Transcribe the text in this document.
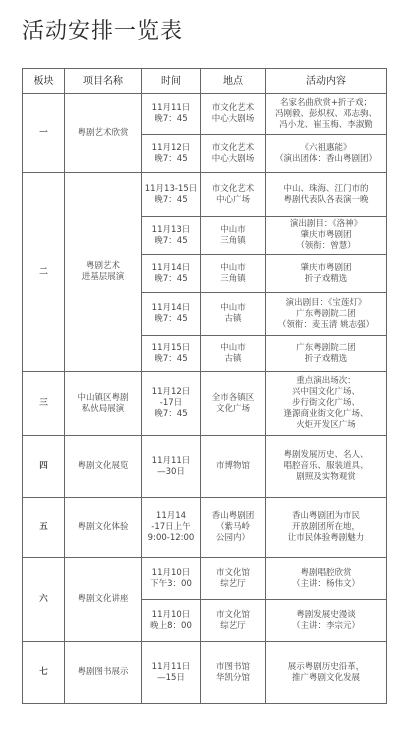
活动安排一览表
板块	项目名称	时间	地点	活动内容
一	粤剧艺术欣赏	11月11日
晚7：45	市文化艺术
中心大剧场	名家名曲欣赏+折子戏；
冯刚毅、彭炽权、邓志驹、
冯小龙、崔玉梅、李淑勤
		11月12日
晚7：45	市文化艺术
中心大剧场	《六祖惠能》
（演出团体：香山粤剧团）
二	粤剧艺术
进基层展演	11月13-15日
晚7：45	市文化艺术
中心广场	中山、珠海、江门市的
粤剧代表队各表演一晚
		11月13日
晚7：45	中山市
三角镇	演出剧目：《洛神》
肇庆市粤剧团
（领衔：曾慧）
		11月14日
晚7：45	中山市
三角镇	肇庆市粤剧团
折子戏精选
		11月14日
晚7：45	中山市
古镇	演出剧目：《宝莲灯》
广东粤剧院二团
（领衔：麦玉清 姚志强）
		11月15日
晚7：45	中山市
古镇	广东粤剧院二团
折子戏精选
三	中山镇区粤剧
私伙局展演	11月12日
-17日
晚7：45	全市各镇区
文化广场	重点演出场次：
兴中国文化广场、
步行街文化广场、
逢源商业街文化广场、
火炬开发区广场
四	粤剧文化展览	11月11日
—30日	市博物馆	粤剧发展历史、名人、
唱腔音乐、服装道具、
剧照及实物观赏
五	粤剧文化体验	11月14
-17日上午
9:00-12:00	香山粤剧团
（紫马岭
公园内）	香山粤剧团为市民
开放剧团所在地，
让市民体验粤剧魅力
六	粤剧文化讲座	11月10日
下午3：00	市文化馆
综艺厅	粤剧唱腔欣赏
（主讲：杨伟文）
		11月10日
晚上8：00	市文化馆
综艺厅	粤剧发展史漫谈
（主讲：李宗元）
七	粤剧图书展示	11月11日
—15日	市图书馆
华凯分馆	展示粤剧历史沿革，
推广粤剧文化发展
